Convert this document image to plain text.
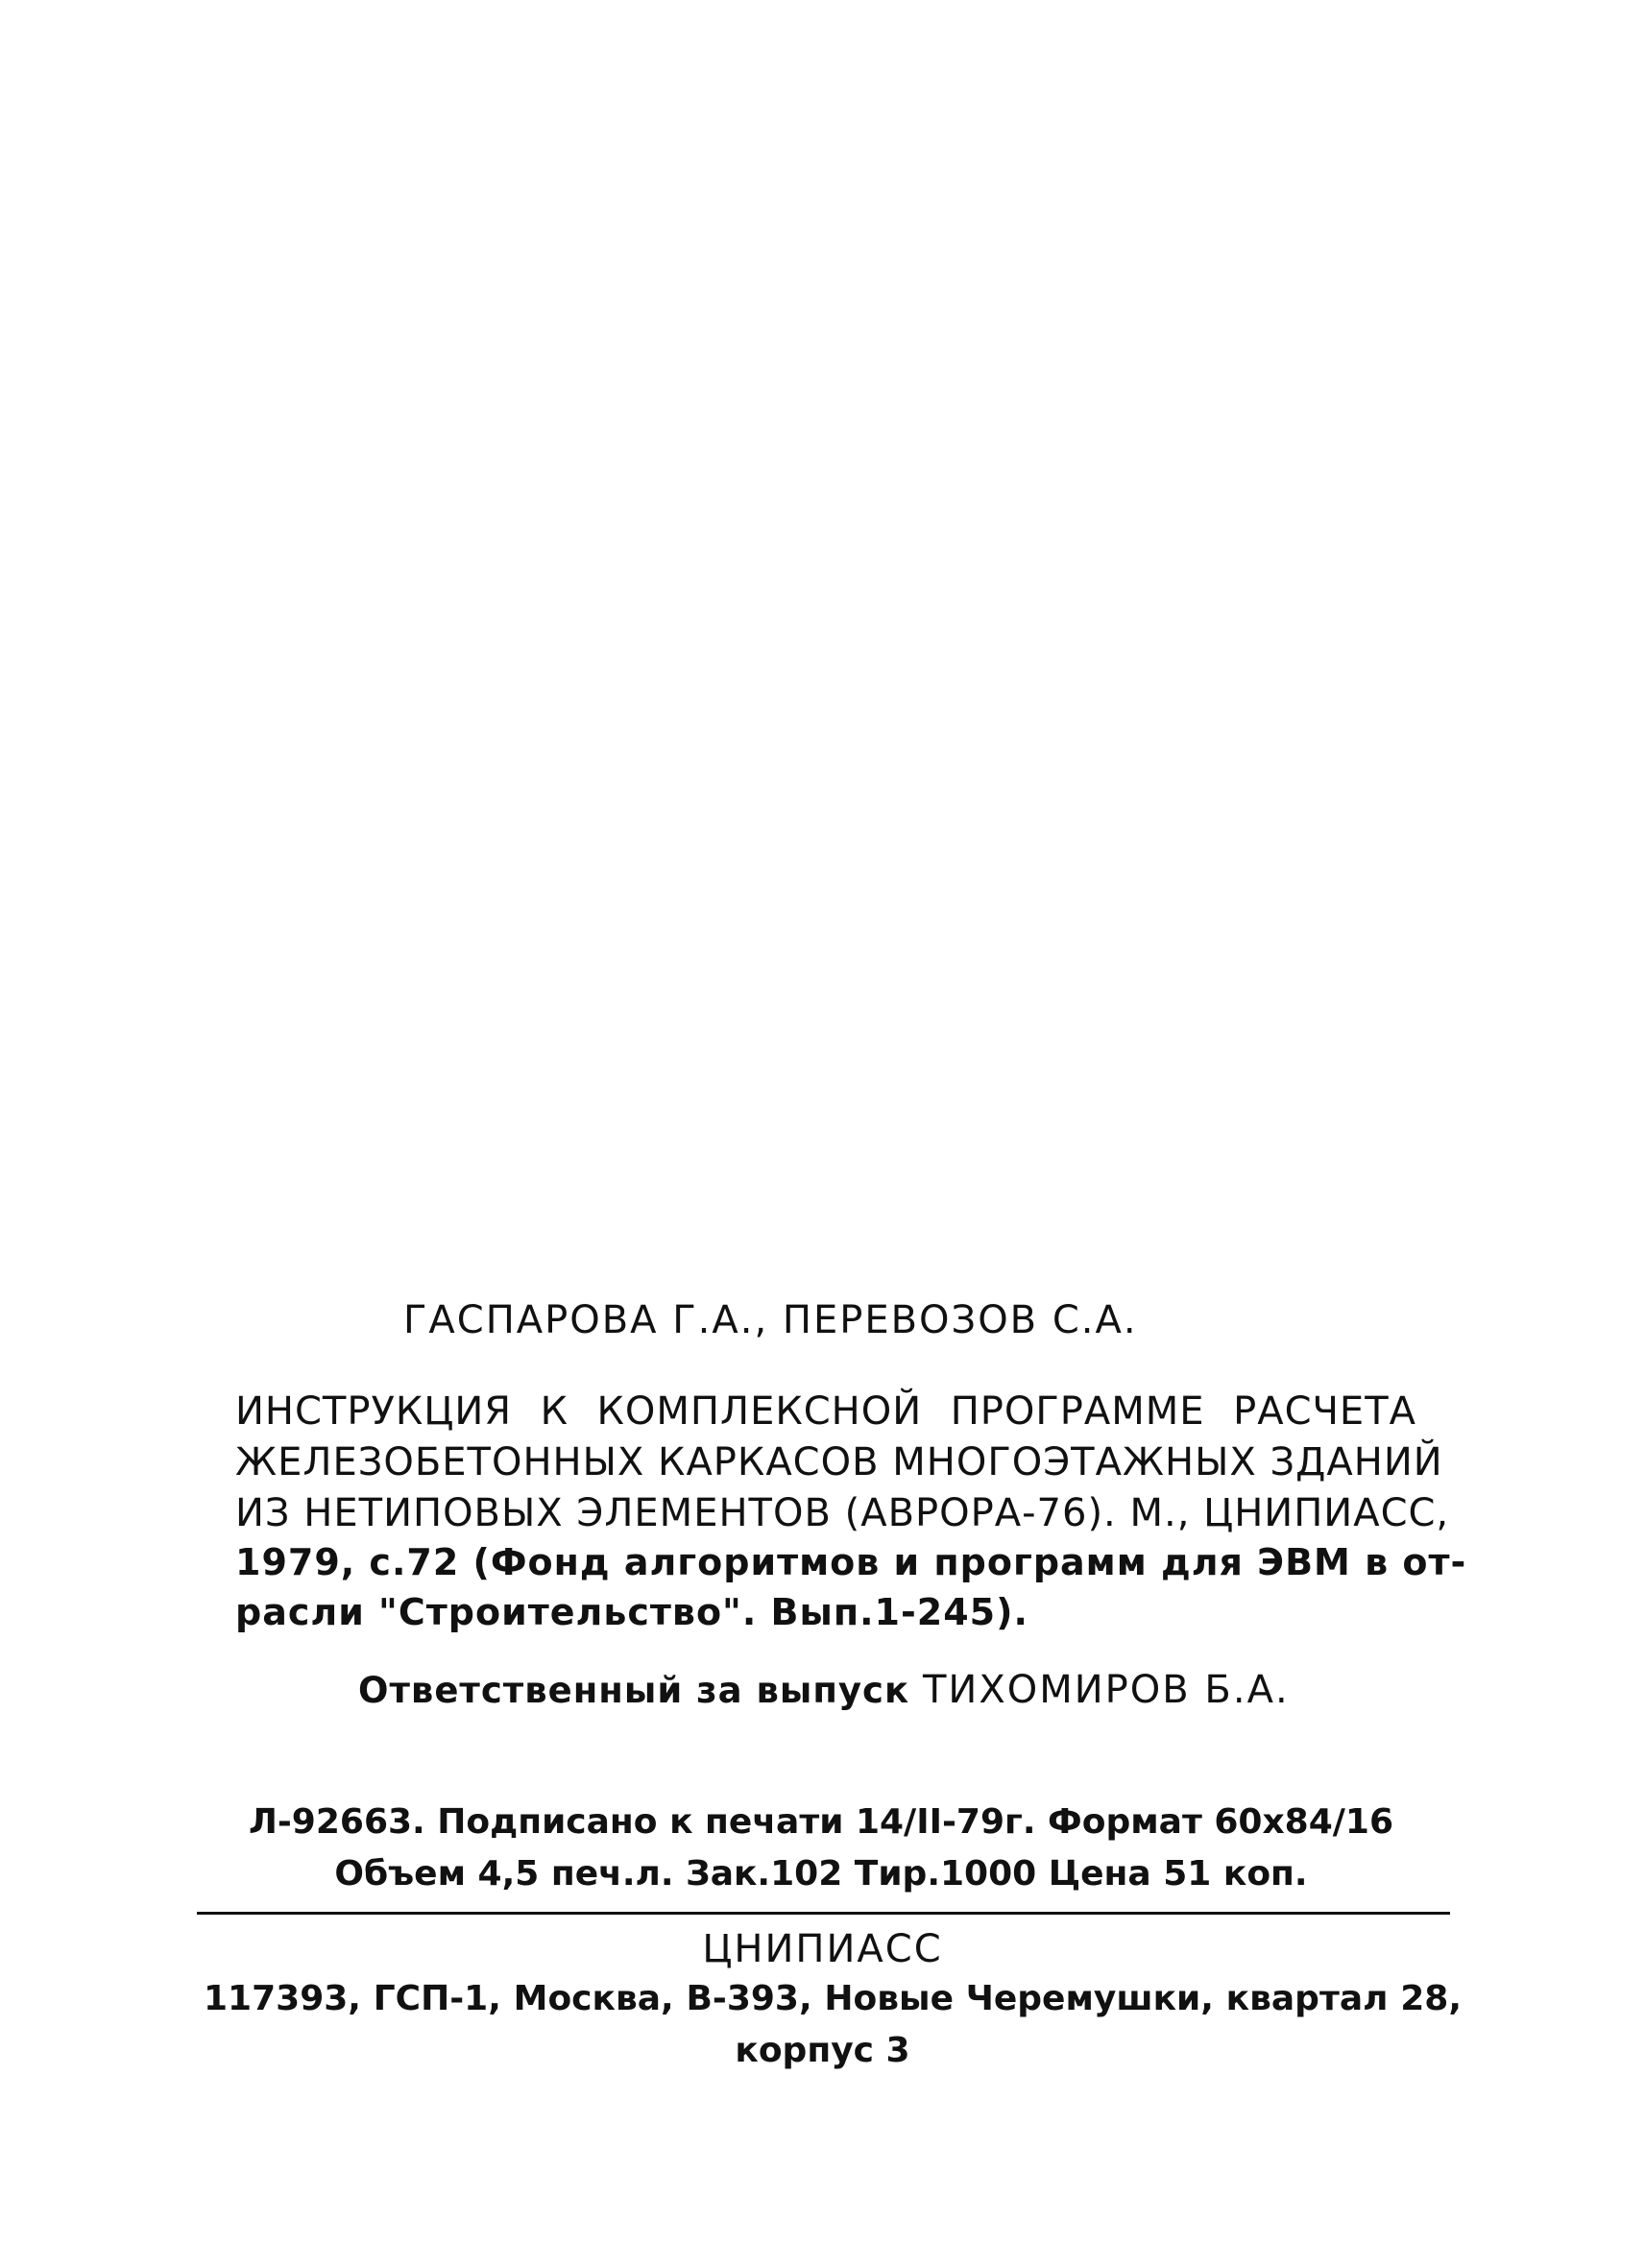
ГАСПАРОВА Г.А., ПЕРЕВОЗОВ С.А.
ИНСТРУКЦИЯ К КОМПЛЕКСНОЙ ПРОГРАММЕ РАСЧЕТА
ЖЕЛЕЗОБЕТОННЫХ КАРКАСОВ МНОГОЭТАЖНЫХ ЗДАНИЙ
ИЗ НЕТИПОВЫХ ЭЛЕМЕНТОВ (АВРОРА-76). М., ЦНИПИАСС,
1979, с.72 (Фонд алгоритмов и программ для ЭВМ в от-
расли "Строительство". Вып.1-245).
Ответственный за выпуск ТИХОМИРОВ Б.А.
Л-92663. Подписано к печати 14/II-79г. Формат 60х84/16
Объем 4,5 печ.л. Зак.102 Тир.1000 Цена 51 коп.
ЦНИПИАСС
117393, ГСП-1, Москва, В-393, Новые Черемушки, квартал 28,
корпус 3
